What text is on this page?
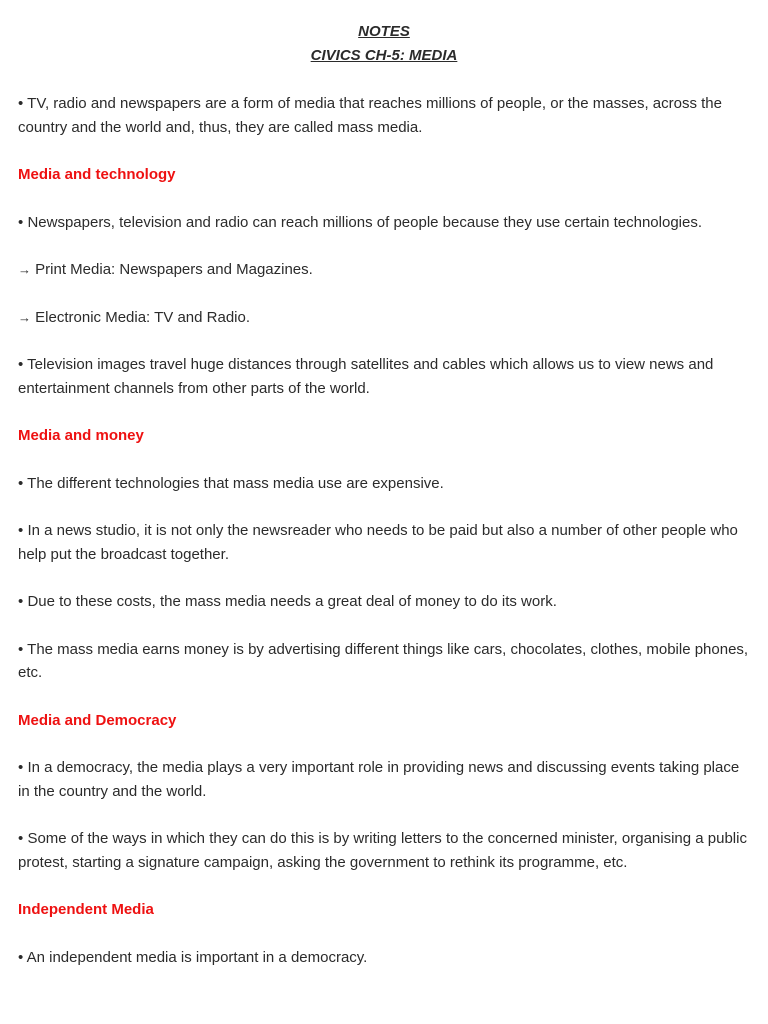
NOTES

CIVICS CH-5: MEDIA

• TV, radio and newspapers are a form of media that reaches millions of people, or the masses, across the country and the world and, thus, they are called mass media.

Media and technology

• Newspapers, television and radio can reach millions of people because they use certain technologies.

→ Print Media: Newspapers and Magazines.

→ Electronic Media: TV and Radio.

• Television images travel huge distances through satellites and cables which allows us to view news and entertainment channels from other parts of the world.

Media and money

• The different technologies that mass media use are expensive.

• In a news studio, it is not only the newsreader who needs to be paid but also a number of other people who help put the broadcast together.

• Due to these costs, the mass media needs a great deal of money to do its work.

• The mass media earns money is by advertising different things like cars, chocolates, clothes, mobile phones, etc.

Media and Democracy

• In a democracy, the media plays a very important role in providing news and discussing events taking place in the country and the world.

• Some of the ways in which they can do this is by writing letters to the concerned minister, organising a public protest, starting a signature campaign, asking the government to rethink its programme, etc.

Independent Media

• An independent media is important in a democracy.
